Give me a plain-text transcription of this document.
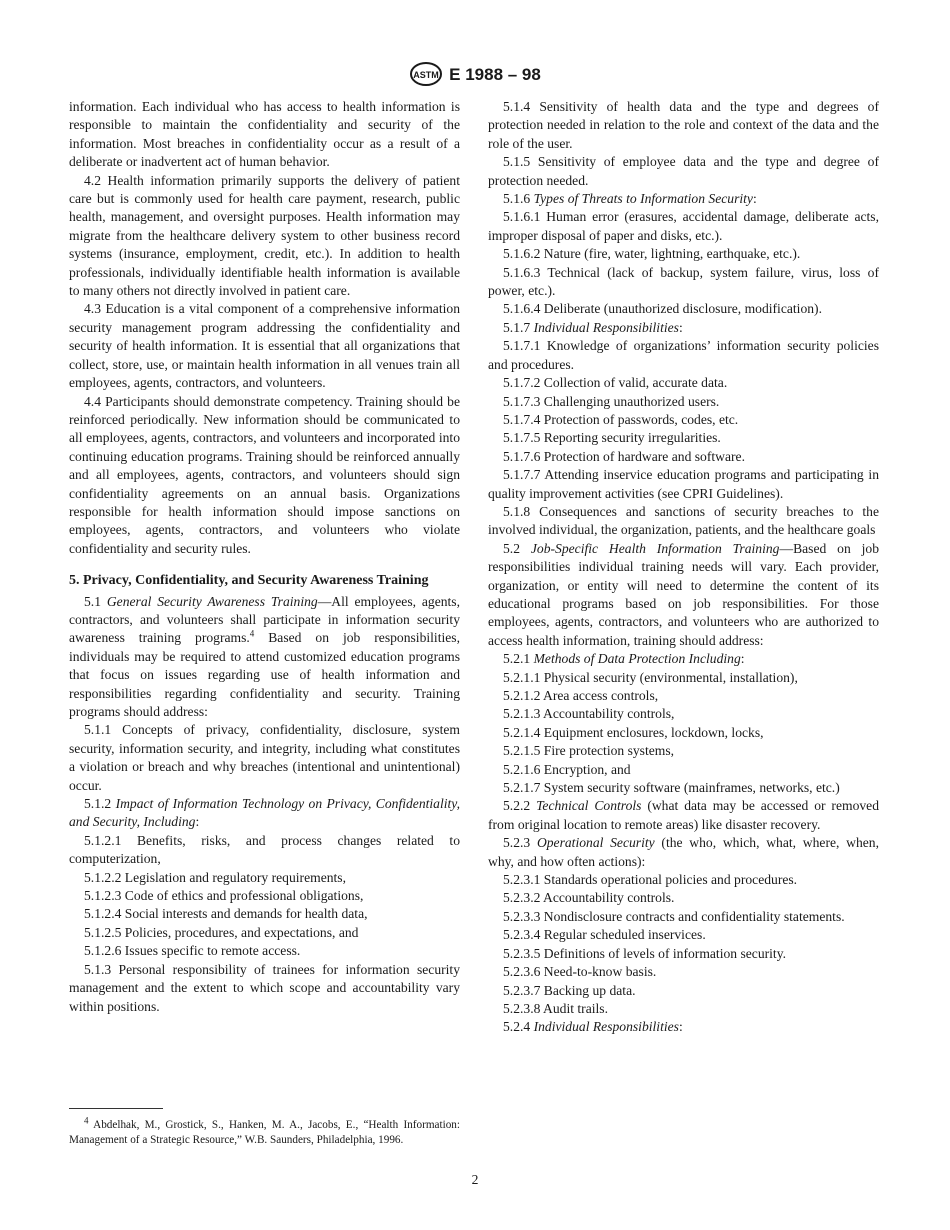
ASTM E 1988 – 98

information. Each individual who has access to health information is responsible to maintain the confidentiality and security of the information. Most breaches in confidentiality occur as a result of a deliberate or inadvertent act of human behavior.

4.2 Health information primarily supports the delivery of patient care but is commonly used for health care payment, research, public health, management, and oversight purposes. Health information may migrate from the healthcare delivery system to other business record systems (insurance, employment, credit, etc.). In addition to health professionals, individually identifiable health information is available to many others not directly involved in patient care.

4.3 Education is a vital component of a comprehensive information security management program addressing the confidentiality and security of health information. It is essential that all organizations that collect, store, use, or maintain health information in all venues train all employees, agents, contractors, and volunteers.

4.4 Participants should demonstrate competency. Training should be reinforced periodically. New information should be communicated to all employees, agents, contractors, and volunteers and incorporated into continuing education programs. Training should be reinforced annually and all employees, agents, contractors, and volunteers should sign confidentiality agreements on an annual basis. Organizations responsible for health information should impose sanctions on employees, agents, contractors, and volunteers who violate confidentiality and security rules.

5. Privacy, Confidentiality, and Security Awareness Training

5.1 General Security Awareness Training—All employees, agents, contractors, and volunteers shall participate in information security awareness training programs.$^4$ Based on job responsibilities, individuals may be required to attend customized education programs that focus on issues regarding use of health information and responsibilities regarding confidentiality and security. Training programs should address:

5.1.1 Concepts of privacy, confidentiality, disclosure, system security, information security, and integrity, including what constitutes a violation or breach and why breaches (intentional and unintentional) occur.

5.1.2 Impact of Information Technology on Privacy, Confidentiality, and Security, Including:

5.1.2.1 Benefits, risks, and process changes related to computerization,

5.1.2.2 Legislation and regulatory requirements,

5.1.2.3 Code of ethics and professional obligations,

5.1.2.4 Social interests and demands for health data,

5.1.2.5 Policies, procedures, and expectations, and

5.1.2.6 Issues specific to remote access.

5.1.3 Personal responsibility of trainees for information security management and the extent to which scope and accountability vary within positions.

$^4$ Abdelhak, M., Grostick, S., Hanken, M. A., Jacobs, E., “Health Information: Management of a Strategic Resource,” W.B. Saunders, Philadelphia, 1996.

5.1.4 Sensitivity of health data and the type and degrees of protection needed in relation to the role and context of the data and the role of the user.

5.1.5 Sensitivity of employee data and the type and degree of protection needed.

5.1.6 Types of Threats to Information Security:

5.1.6.1 Human error (erasures, accidental damage, deliberate acts, improper disposal of paper and disks, etc.).

5.1.6.2 Nature (fire, water, lightning, earthquake, etc.).

5.1.6.3 Technical (lack of backup, system failure, virus, loss of power, etc.).

5.1.6.4 Deliberate (unauthorized disclosure, modification).

5.1.7 Individual Responsibilities:

5.1.7.1 Knowledge of organizations’ information security policies and procedures.

5.1.7.2 Collection of valid, accurate data.

5.1.7.3 Challenging unauthorized users.

5.1.7.4 Protection of passwords, codes, etc.

5.1.7.5 Reporting security irregularities.

5.1.7.6 Protection of hardware and software.

5.1.7.7 Attending inservice education programs and participating in quality improvement activities (see CPRI Guidelines).

5.1.8 Consequences and sanctions of security breaches to the involved individual, the organization, patients, and the healthcare goals

5.2 Job-Specific Health Information Training—Based on job responsibilities individual training needs will vary. Each provider, organization, or entity will need to determine the content of its educational programs based on job responsibilities. For those employees, agents, contractors, and volunteers who are authorized to access health information, training should address:

5.2.1 Methods of Data Protection Including:

5.2.1.1 Physical security (environmental, installation),

5.2.1.2 Area access controls,

5.2.1.3 Accountability controls,

5.2.1.4 Equipment enclosures, lockdown, locks,

5.2.1.5 Fire protection systems,

5.2.1.6 Encryption, and

5.2.1.7 System security software (mainframes, networks, etc.)

5.2.2 Technical Controls (what data may be accessed or removed from original location to remote areas) like disaster recovery.

5.2.3 Operational Security (the who, which, what, where, when, why, and how often actions):

5.2.3.1 Standards operational policies and procedures.

5.2.3.2 Accountability controls.

5.2.3.3 Nondisclosure contracts and confidentiality statements.

5.2.3.4 Regular scheduled inservices.

5.2.3.5 Definitions of levels of information security.

5.2.3.6 Need-to-know basis.

5.2.3.7 Backing up data.

5.2.3.8 Audit trails.

5.2.4 Individual Responsibilities:

2
